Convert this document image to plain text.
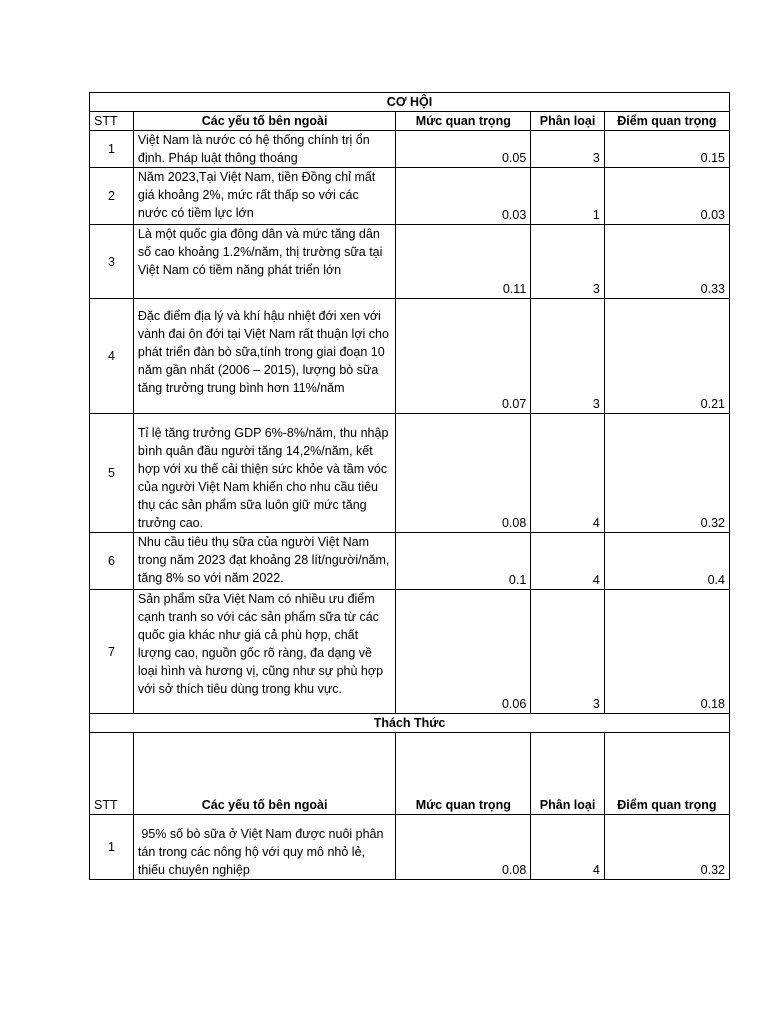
CƠ HỘI				
STT	Các yếu tố bên ngoài	Mức quan trọng	Phân loại	Điểm quan trọng
1	Việt Nam là nước có hệ thống chính trị ổn định. Pháp luật thông thoáng	0.05	3	0.15
2	Năm 2023,Tại Việt Nam, tiền Đồng chỉ mất giá khoảng 2%, mức rất thấp so với các nước có tiềm lực lớn	0.03	1	0.03
3	Là một quốc gia đông dân và mức tăng dân số cao khoảng 1.2%/năm, thị trường sữa tại Việt Nam có tiềm năng phát triển lớn	0.11	3	0.33
4	Đặc điểm địa lý và khí hậu nhiệt đới xen với vành đai ôn đới tại Việt Nam rất thuận lợi cho phát triển đàn bò sữa,tính trong giai đoạn 10 năm gần nhất (2006 – 2015), lượng bò sữa tăng trưởng trung bình hơn 11%/năm	0.07	3	0.21
5	Tỉ lệ tăng trưởng GDP 6%-8%/năm, thu nhập bình quân đầu người tăng 14,2%/năm, kết hợp với xu thế cải thiện sức khỏe và tầm vóc của người Việt Nam khiến cho nhu cầu tiêu thụ các sản phẩm sữa luôn giữ mức tăng trưởng cao.	0.08	4	0.32
6	Nhu cầu tiêu thụ sữa của người Việt Nam trong năm 2023 đạt khoảng 28 lít/người/năm, tăng 8% so với năm 2022.	0.1	4	0.4
7	Sản phẩm sữa Việt Nam có nhiều ưu điểm cạnh tranh so với các sản phẩm sữa từ các quốc gia khác như giá cả phù hợp, chất lượng cao, nguồn gốc rõ ràng, đa dạng về loại hình và hương vị, cũng như sự phù hợp với sở thích tiêu dùng trong khu vực.	0.06	3	0.18
Thách Thức				
STT	Các yếu tố bên ngoài	Mức quan trọng	Phân loại	Điểm quan trọng
1	95% số bò sữa ở Việt Nam được nuôi phân tán trong các nông hộ với quy mô nhỏ lẻ, thiếu chuyên nghiệp	0.08	4	0.32
